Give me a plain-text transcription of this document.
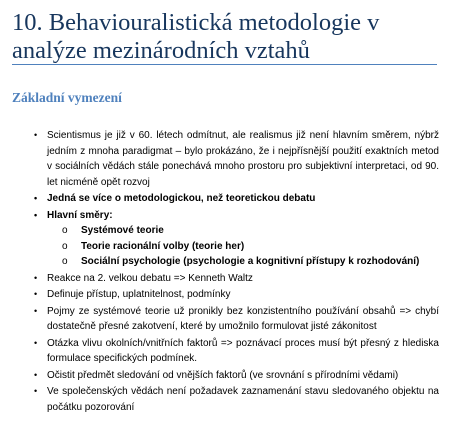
10. Behaviouralistická metodologie v analýze mezinárodních vztahů
Základní vymezení
• Scientismus je již v 60. létech odmítnut, ale realismus již není hlavním směrem, nýbrž jedním z mnoha paradigmat – bylo prokázáno, že i nejpřísnější použití exaktních metod v sociálních vědách stále ponechává mnoho prostoru pro subjektivní interpretaci, od 90. let nicméně opět rozvoj
• Jedná se více o metodologickou, než teoretickou debatu
• Hlavní směry:
o Systémové teorie
o Teorie racionální volby (teorie her)
o Sociální psychologie (psychologie a kognitivní přístupy k rozhodování)
• Reakce na 2. velkou debatu => Kenneth Waltz
• Definuje přístup, uplatnitelnost, podmínky
• Pojmy ze systémové teorie už pronikly bez konzistentního používání obsahů => chybí dostatečně přesné zakotvení, které by umožnilo formulovat jisté zákonitost
• Otázka vlivu okolních/vnitřních faktorů => poznávací proces musí být přesný z hlediska formulace specifických podmínek.
• Očistit předmět sledování od vnějších faktorů (ve srovnání s přírodními vědami)
• Ve společenských vědách není požadavek zaznamenání stavu sledovaného objektu na počátku pozorování
